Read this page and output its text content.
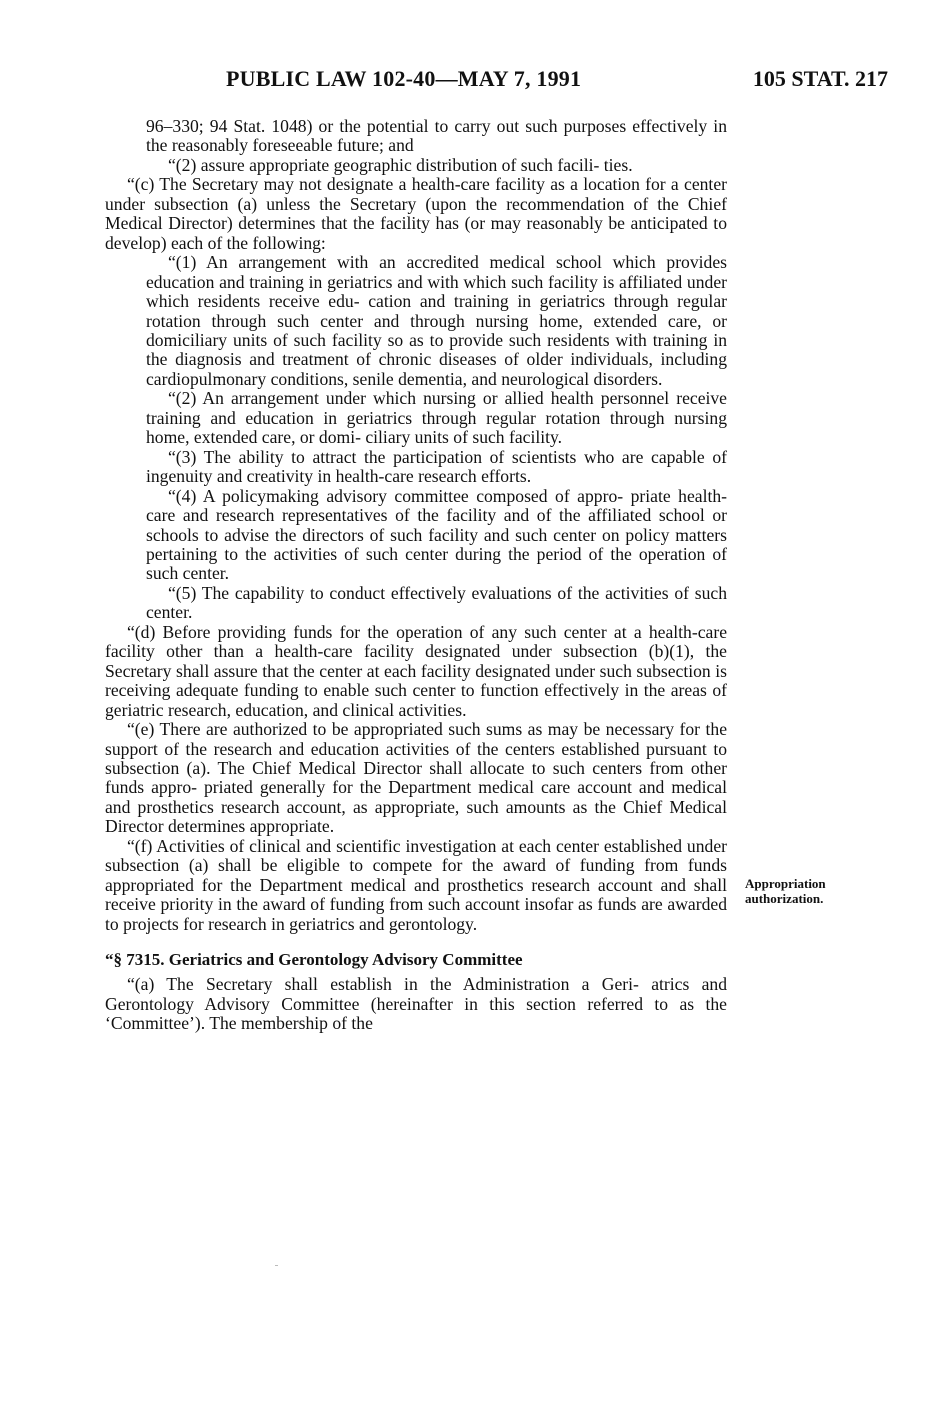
PUBLIC LAW 102-40—MAY 7, 1991	105 STAT. 217

96–330; 94 Stat. 1048) or the potential to carry out such purposes effectively in the reasonably foreseeable future; and

“(2) assure appropriate geographic distribution of such facili- ties.

“(c) The Secretary may not designate a health-care facility as a location for a center under subsection (a) unless the Secretary (upon the recommendation of the Chief Medical Director) determines that the facility has (or may reasonably be anticipated to develop) each of the following:

“(1) An arrangement with an accredited medical school which provides education and training in geriatrics and with which such facility is affiliated under which residents receive edu- cation and training in geriatrics through regular rotation through such center and through nursing home, extended care, or domiciliary units of such facility so as to provide such residents with training in the diagnosis and treatment of chronic diseases of older individuals, including cardiopulmonary conditions, senile dementia, and neurological disorders.

“(2) An arrangement under which nursing or allied health personnel receive training and education in geriatrics through regular rotation through nursing home, extended care, or domi- ciliary units of such facility.

“(3) The ability to attract the participation of scientists who are capable of ingenuity and creativity in health-care research efforts.

“(4) A policymaking advisory committee composed of appro- priate health-care and research representatives of the facility and of the affiliated school or schools to advise the directors of such facility and such center on policy matters pertaining to the activities of such center during the period of the operation of such center.

“(5) The capability to conduct effectively evaluations of the activities of such center.

“(d) Before providing funds for the operation of any such center at a health-care facility other than a health-care facility designated under subsection (b)(1), the Secretary shall assure that the center at each facility designated under such subsection is receiving adequate funding to enable such center to function effectively in the areas of geriatric research, education, and clinical activities.

“(e) There are authorized to be appropriated such sums as may be necessary for the support of the research and education activities of the centers established pursuant to subsection (a). The Chief Medical Director shall allocate to such centers from other funds appro- priated generally for the Department medical care account and medical and prosthetics research account, as appropriate, such amounts as the Chief Medical Director determines appropriate.

“(f) Activities of clinical and scientific investigation at each center established under subsection (a) shall be eligible to compete for the award of funding from funds appropriated for the Department medical and prosthetics research account and shall receive priority in the award of funding from such account insofar as funds are awarded to projects for research in geriatrics and gerontology.

“§ 7315. Geriatrics and Gerontology Advisory Committee

“(a) The Secretary shall establish in the Administration a Geri- atrics and Gerontology Advisory Committee (hereinafter in this section referred to as the ‘Committee’). The membership of the

Appropriation authorization.
